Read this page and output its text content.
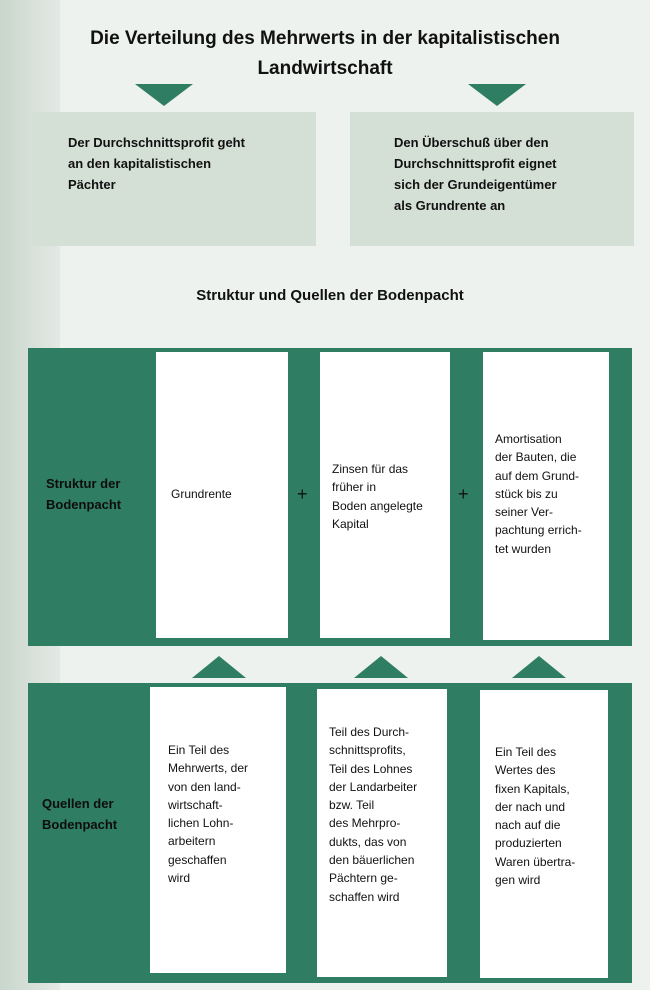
Die Verteilung des Mehrwerts in der kapitalistischen Landwirtschaft
Der Durchschnittsprofit geht
an den kapitalistischen
Pächter
Den Überschuß über den
Durchschnittsprofit eignet
sich der Grundeigentümer
als Grundrente an
Struktur und Quellen der Bodenpacht
Struktur der
Bodenpacht
Grundrente	+
Zinsen für das
früher in
Boden angelegte
Kapital
+
Amortisation
der Bauten, die
auf dem Grund-
stück bis zu
seiner Ver-
pachtung errich-
tet wurden
Quellen der
Bodenpacht
Ein Teil des
Mehrwerts, der
von den land-
wirtschaft-
lichen Lohn-
arbeitern
geschaffen
wird
Teil des Durch-
schnittsprofits,
Teil des Lohnes
der Landarbeiter
bzw. Teil
des Mehrpro-
dukts, das von
den bäuerlichen
Pächtern ge-
schaffen wird
Ein Teil des
Wertes des
fixen Kapitals,
der nach und
nach auf die
produzierten
Waren übertra-
gen wird
